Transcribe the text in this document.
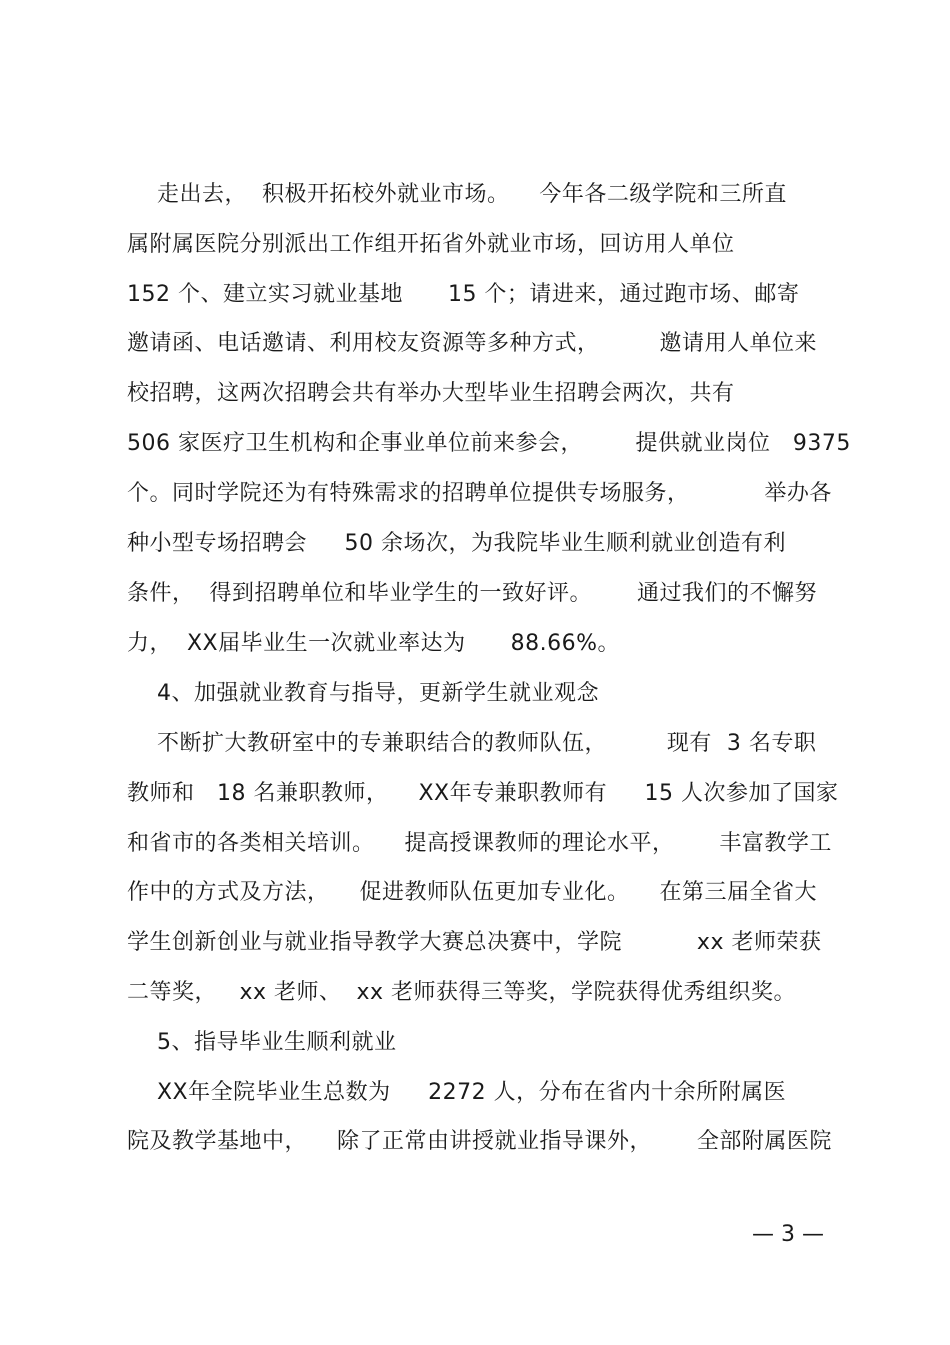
走出去，  积极开拓校外就业市场。    今年各二级学院和三所直
属附属医院分别派出工作组开拓省外就业市场，回访用人单位
152 个、建立实习就业基地      15 个；请进来，通过跑市场、邮寄
邀请函、电话邀请、利用校友资源等多种方式，        邀请用人单位来
校招聘，这两次招聘会共有举办大型毕业生招聘会两次，共有
506 家医疗卫生机构和企事业单位前来参会，       提供就业岗位   9375
个。同时学院还为有特殊需求的招聘单位提供专场服务，          举办各
种小型专场招聘会     50 余场次，为我院毕业生顺利就业创造有利
条件，  得到招聘单位和毕业学生的一致好评。      通过我们的不懈努
力，  XX届毕业生一次就业率达为      88.66%。
4、加强就业教育与指导，更新学生就业观念
不断扩大教研室中的专兼职结合的教师队伍，        现有  3 名专职
教师和   18 名兼职教师，    XX年专兼职教师有     15 人次参加了国家
和省市的各类相关培训。    提高授课教师的理论水平，      丰富教学工
作中的方式及方法，    促进教师队伍更加专业化。    在第三届全省大
学生创新创业与就业指导教学大赛总决赛中，学院          xx 老师荣获
二等奖，   xx 老师、  xx 老师获得三等奖，学院获得优秀组织奖。
5、指导毕业生顺利就业
XX年全院毕业生总数为     2272 人，分布在省内十余所附属医
院及教学基地中，    除了正常由讲授就业指导课外，      全部附属医院
— 3 —
